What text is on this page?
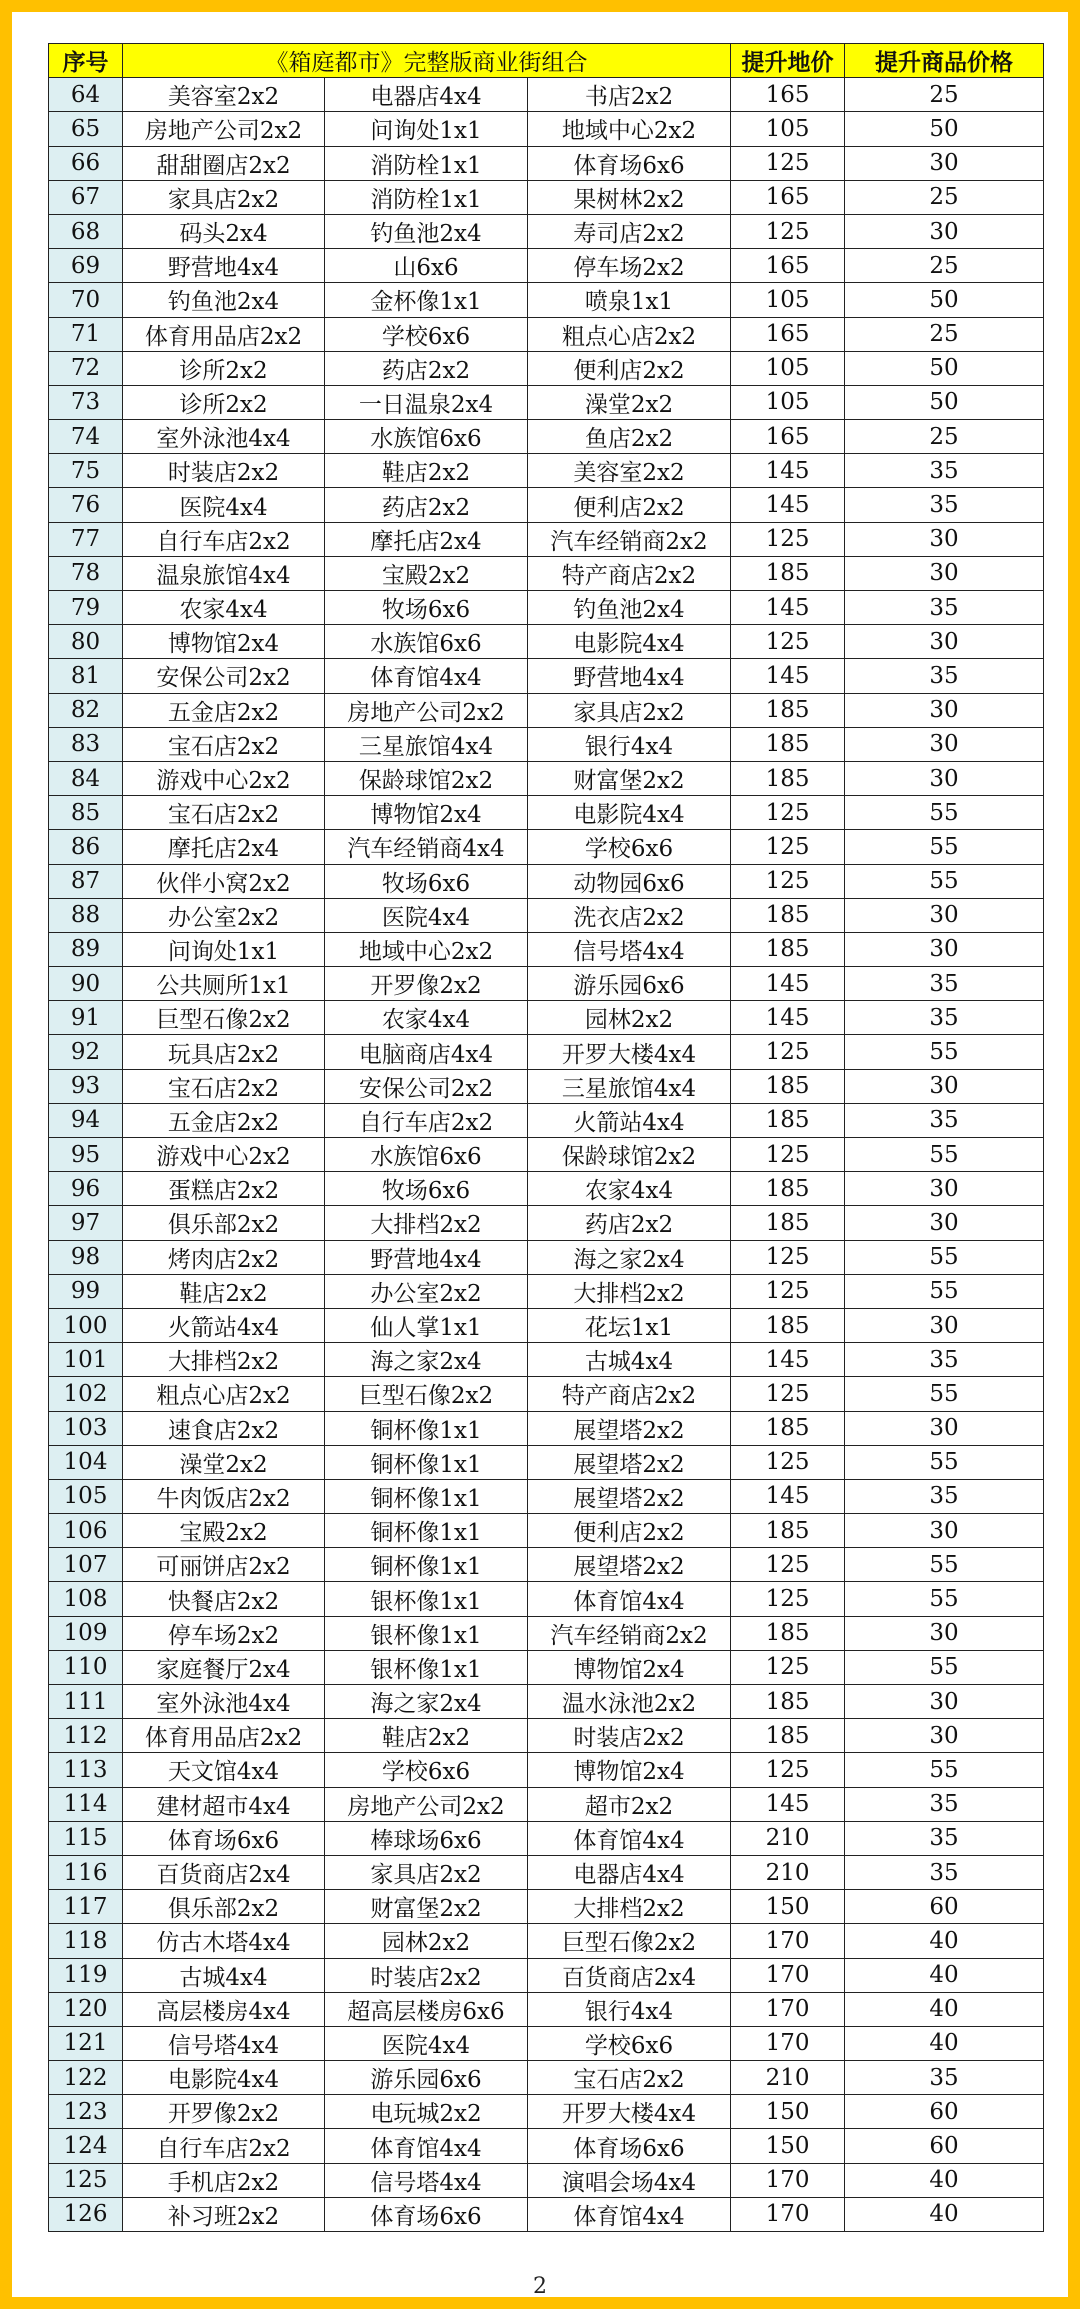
序号	《箱庭都市》完整版商业街组合			提升地价	提升商品价格
64	美容室2x2	电器店4x4	书店2x2	165	25
65	房地产公司2x2	问询处1x1	地域中心2x2	105	50
66	甜甜圈店2x2	消防栓1x1	体育场6x6	125	30
67	家具店2x2	消防栓1x1	果树林2x2	165	25
68	码头2x4	钓鱼池2x4	寿司店2x2	125	30
69	野营地4x4	山6x6	停车场2x2	165	25
70	钓鱼池2x4	金杯像1x1	喷泉1x1	105	50
71	体育用品店2x2	学校6x6	粗点心店2x2	165	25
72	诊所2x2	药店2x2	便利店2x2	105	50
73	诊所2x2	一日温泉2x4	澡堂2x2	105	50
74	室外泳池4x4	水族馆6x6	鱼店2x2	165	25
75	时装店2x2	鞋店2x2	美容室2x2	145	35
76	医院4x4	药店2x2	便利店2x2	145	35
77	自行车店2x2	摩托店2x4	汽车经销商2x2	125	30
78	温泉旅馆4x4	宝殿2x2	特产商店2x2	185	30
79	农家4x4	牧场6x6	钓鱼池2x4	145	35
80	博物馆2x4	水族馆6x6	电影院4x4	125	30
81	安保公司2x2	体育馆4x4	野营地4x4	145	35
82	五金店2x2	房地产公司2x2	家具店2x2	185	30
83	宝石店2x2	三星旅馆4x4	银行4x4	185	30
84	游戏中心2x2	保龄球馆2x2	财富堡2x2	185	30
85	宝石店2x2	博物馆2x4	电影院4x4	125	55
86	摩托店2x4	汽车经销商4x4	学校6x6	125	55
87	伙伴小窝2x2	牧场6x6	动物园6x6	125	55
88	办公室2x2	医院4x4	洗衣店2x2	185	30
89	问询处1x1	地域中心2x2	信号塔4x4	185	30
90	公共厕所1x1	开罗像2x2	游乐园6x6	145	35
91	巨型石像2x2	农家4x4	园林2x2	145	35
92	玩具店2x2	电脑商店4x4	开罗大楼4x4	125	55
93	宝石店2x2	安保公司2x2	三星旅馆4x4	185	30
94	五金店2x2	自行车店2x2	火箭站4x4	185	35
95	游戏中心2x2	水族馆6x6	保龄球馆2x2	125	55
96	蛋糕店2x2	牧场6x6	农家4x4	185	30
97	俱乐部2x2	大排档2x2	药店2x2	185	30
98	烤肉店2x2	野营地4x4	海之家2x4	125	55
99	鞋店2x2	办公室2x2	大排档2x2	125	55
100	火箭站4x4	仙人掌1x1	花坛1x1	185	30
101	大排档2x2	海之家2x4	古城4x4	145	35
102	粗点心店2x2	巨型石像2x2	特产商店2x2	125	55
103	速食店2x2	铜杯像1x1	展望塔2x2	185	30
104	澡堂2x2	铜杯像1x1	展望塔2x2	125	55
105	牛肉饭店2x2	铜杯像1x1	展望塔2x2	145	35
106	宝殿2x2	铜杯像1x1	便利店2x2	185	30
107	可丽饼店2x2	铜杯像1x1	展望塔2x2	125	55
108	快餐店2x2	银杯像1x1	体育馆4x4	125	55
109	停车场2x2	银杯像1x1	汽车经销商2x2	185	30
110	家庭餐厅2x4	银杯像1x1	博物馆2x4	125	55
111	室外泳池4x4	海之家2x4	温水泳池2x2	185	30
112	体育用品店2x2	鞋店2x2	时装店2x2	185	30
113	天文馆4x4	学校6x6	博物馆2x4	125	55
114	建材超市4x4	房地产公司2x2	超市2x2	145	35
115	体育场6x6	棒球场6x6	体育馆4x4	210	35
116	百货商店2x4	家具店2x2	电器店4x4	210	35
117	俱乐部2x2	财富堡2x2	大排档2x2	150	60
118	仿古木塔4x4	园林2x2	巨型石像2x2	170	40
119	古城4x4	时装店2x2	百货商店2x4	170	40
120	高层楼房4x4	超高层楼房6x6	银行4x4	170	40
121	信号塔4x4	医院4x4	学校6x6	170	40
122	电影院4x4	游乐园6x6	宝石店2x2	210	35
123	开罗像2x2	电玩城2x2	开罗大楼4x4	150	60
124	自行车店2x2	体育馆4x4	体育场6x6	150	60
125	手机店2x2	信号塔4x4	演唱会场4x4	170	40
126	补习班2x2	体育场6x6	体育馆4x4	170	40
2
